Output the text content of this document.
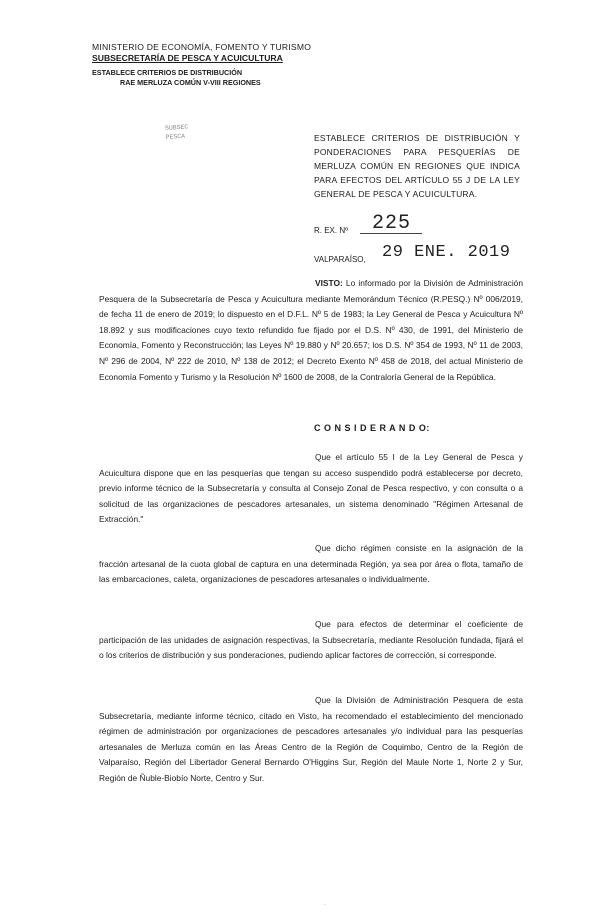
MINISTERIO DE ECONOMÍA, FOMENTO Y TURISMO
SUBSECRETARÍA DE PESCA Y ACUICULTURA
ESTABLECE CRITERIOS DE DISTRIBUCIÓN
RAE MERLUZA COMÚN V-VIII REGIONES
SUBSEC
PESCA	ESTABLECE CRITERIOS DE DISTRIBUCIÓN Y PONDERACIONES PARA PESQUERÍAS DE MERLUZA COMÚN EN REGIONES QUE INDICA PARA EFECTOS DEL ARTÍCULO 55 J DE LA LEY GENERAL DE PESCA Y ACUICULTURA.
R. EX. Nº 225
VALPARAÍSO, 29 ENE. 2019
VISTO: Lo informado por la División de Administración Pesquera de la Subsecretaría de Pesca y Acuicultura mediante Memorándum Técnico (R.PESQ.) Nº 006/2019, de fecha 11 de enero de 2019; lo dispuesto en el D.F.L. Nº 5 de 1983; la Ley General de Pesca y Acuicultura Nº 18.892 y sus modificaciones cuyo texto refundido fue fijado por el D.S. Nº 430, de 1991, del Ministerio de Economía, Fomento y Reconstrucción; las Leyes Nº 19.880 y Nº 20.657; los D.S. Nº 354 de 1993, Nº 11 de 2003, Nº 296 de 2004, Nº 222 de 2010, Nº 138 de 2012; el Decreto Exento Nº 458 de 2018, del actual Ministerio de Economía Fomento y Turismo y la Resolución Nº 1600 de 2008, de la Contraloría General de la República.
C O N S I D E R A N D O:
Que el artículo 55 I de la Ley General de Pesca y Acuicultura dispone que en las pesquerías que tengan su acceso suspendido podrá establecerse por decreto, previo informe técnico de la Subsecretaría y consulta al Consejo Zonal de Pesca respectivo, y con consulta o a solicitud de las organizaciones de pescadores artesanales, un sistema denominado "Régimen Artesanal de Extracción."
Que dicho régimen consiste en la asignación de la fracción artesanal de la cuota global de captura en una determinada Región, ya sea por área o flota, tamaño de las embarcaciones, caleta, organizaciones de pescadores artesanales o individualmente.
Que para efectos de determinar el coeficiente de participación de las unidades de asignación respectivas, la Subsecretaría, mediante Resolución fundada, fijará el o los criterios de distribución y sus ponderaciones, pudiendo aplicar factores de corrección, si corresponde.
Que la División de Administración Pesquera de esta Subsecretaría, mediante informe técnico, citado en Visto, ha recomendado el establecimiento del mencionado régimen de administración por organizaciones de pescadores artesanales y/o individual para las pesquerías artesanales de Merluza común en las Áreas Centro de la Región de Coquimbo, Centro de la Región de Valparaíso, Región del Libertador General Bernardo O'Higgins Sur, Región del Maule Norte 1, Norte 2 y Sur, Región de Ñuble-Biobío Norte, Centro y Sur.
.
